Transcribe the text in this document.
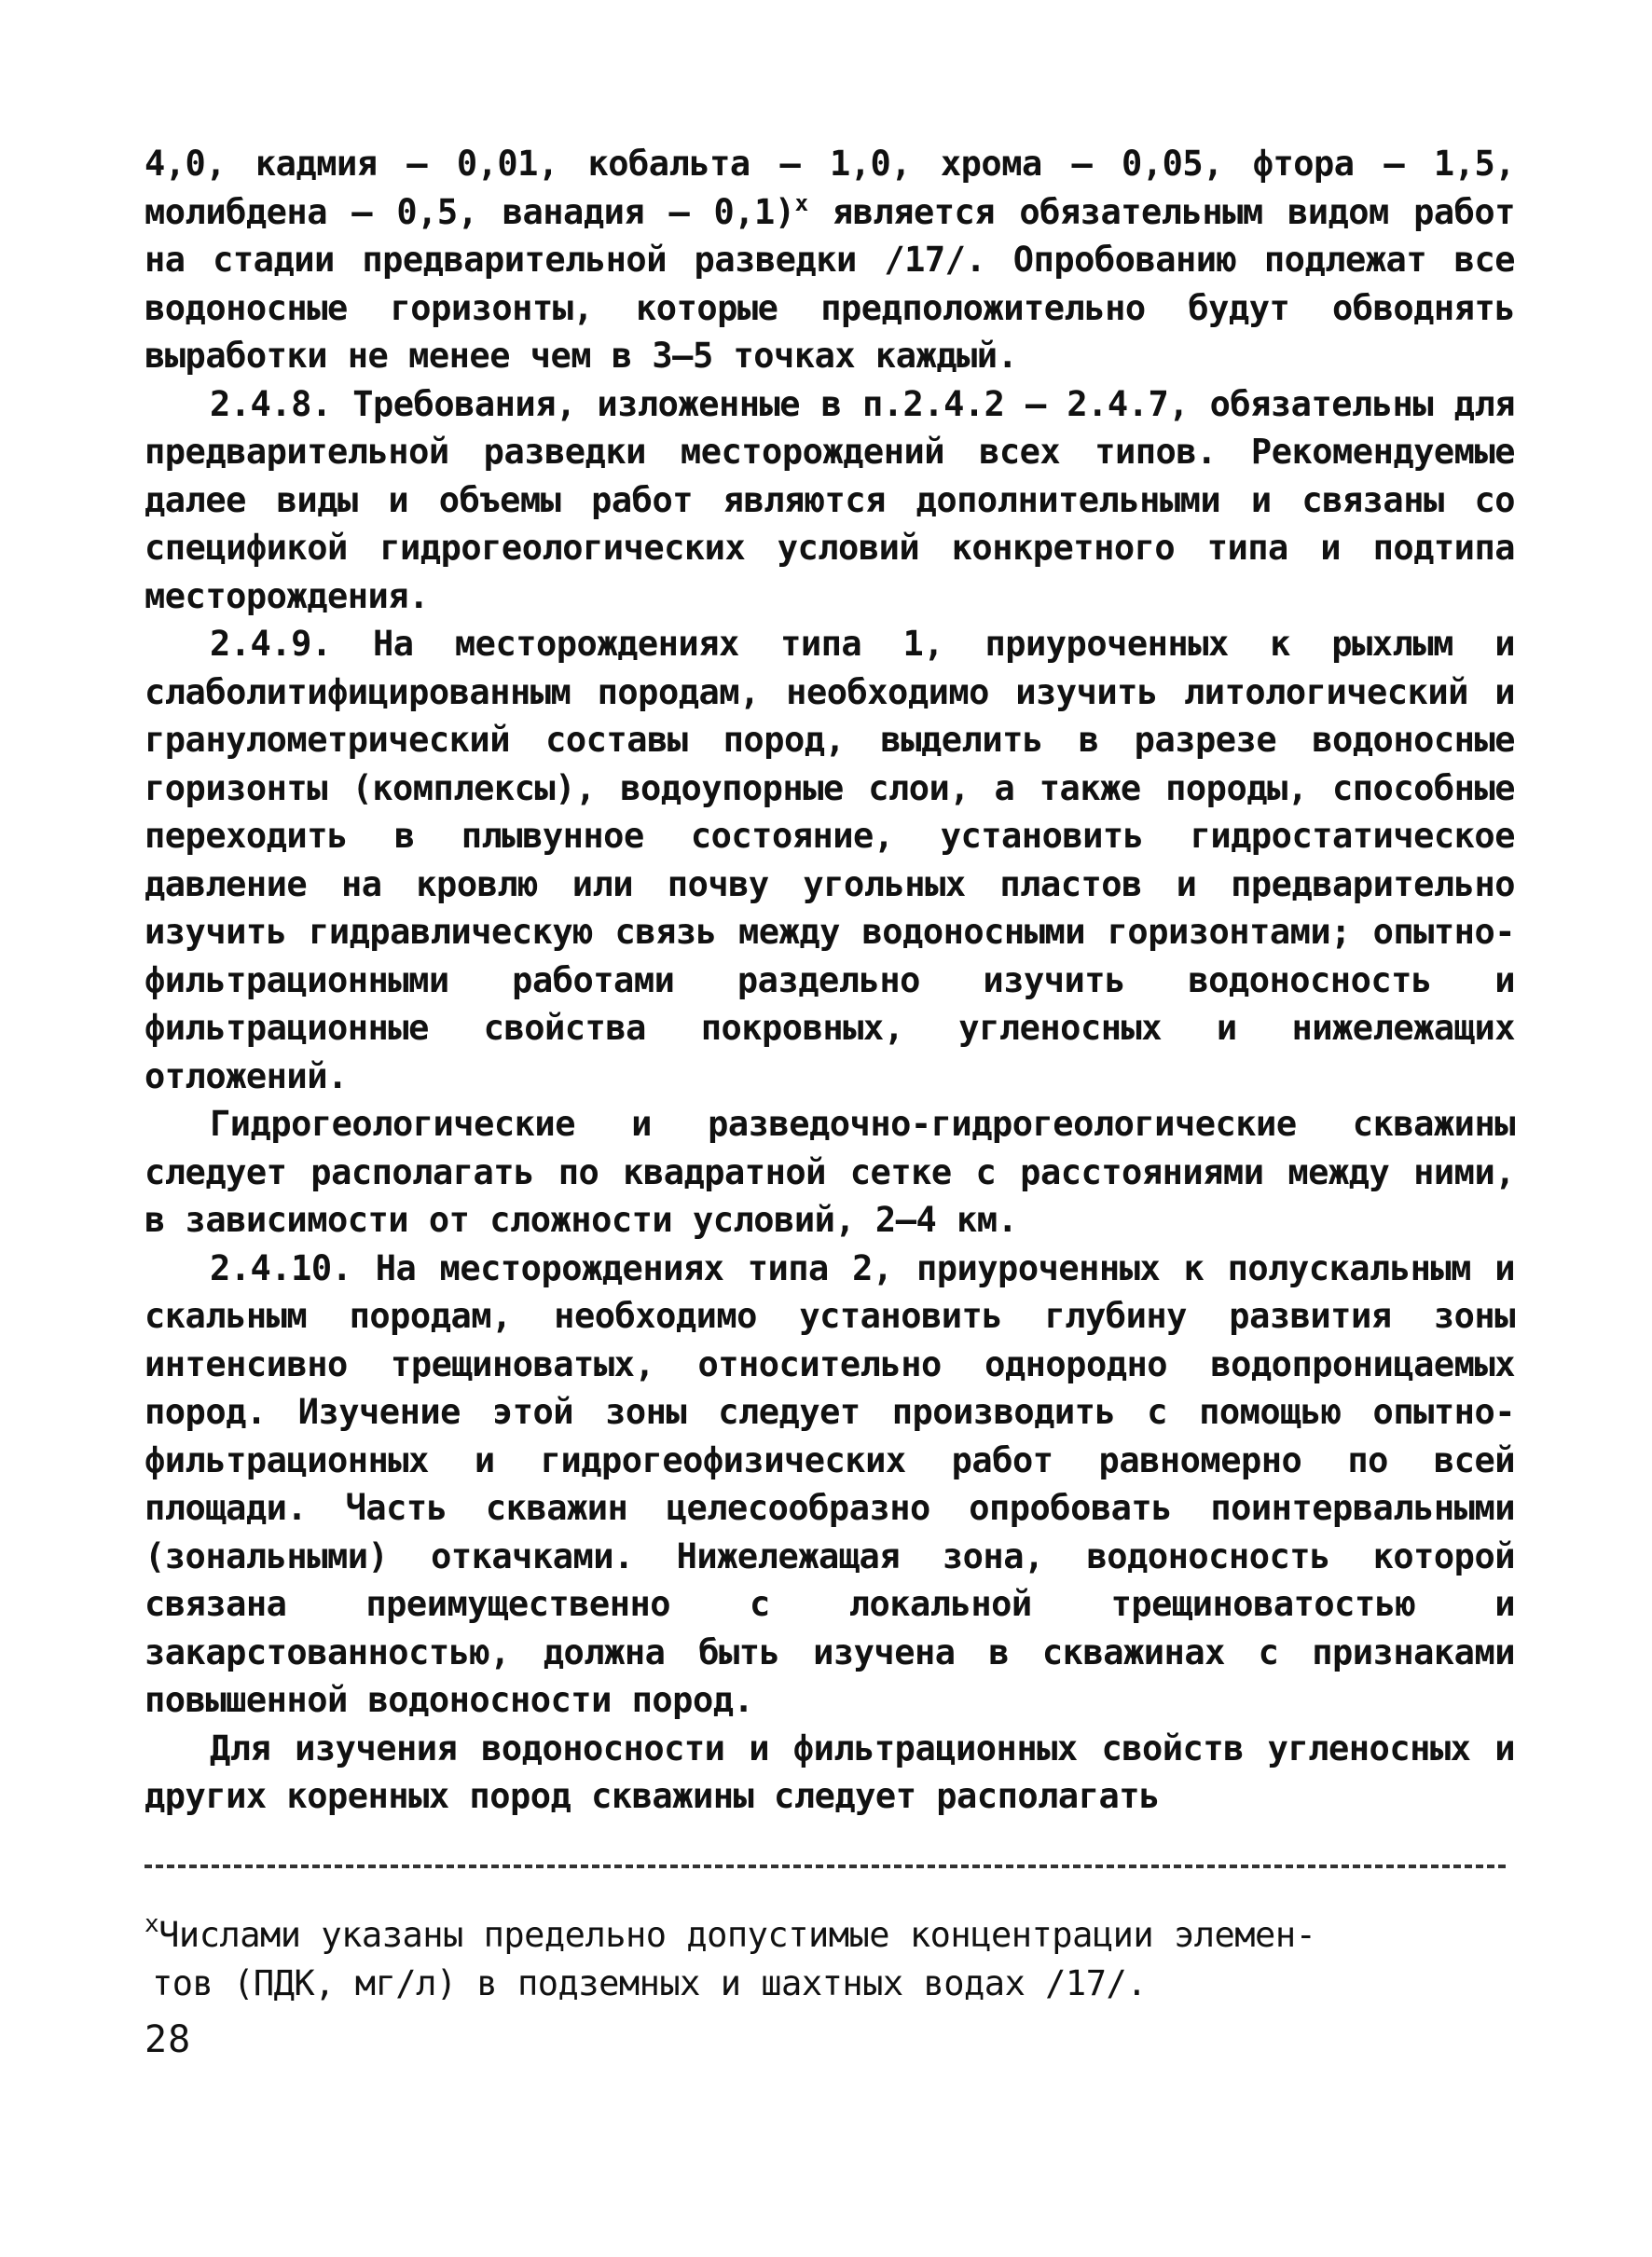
4,0, кадмия – 0,01, кобальта – 1,0, хрома – 0,05, фтора – 1,5, молибдена – 0,5, ванадия – 0,1)$^x$ является обязательным видом работ на стадии предварительной разведки /17/. Опробованию подлежат все водоносные горизонты, которые предположительно будут обводнять выработки не менее чем в 3–5 точках каждый.

2.4.8. Требования, изложенные в п.2.4.2 – 2.4.7, обязательны для предварительной разведки месторождений всех типов. Рекомендуемые далее виды и объемы работ являются дополнительными и связаны со спецификой гидрогеологических условий конкретного типа и подтипа месторождения.

2.4.9. На месторождениях типа 1, приуроченных к рыхлым и слаболитифицированным породам, необходимо изучить литологический и гранулометрический составы пород, выделить в разрезе водоносные горизонты (комплексы), водоупорные слои, а также породы, способные переходить в плывунное состояние, установить гидростатическое давление на кровлю или почву угольных пластов и предварительно изучить гидравлическую связь между водоносными горизонтами; опытно-фильтрационными работами раздельно изучить водоносность и фильтрационные свойства покровных, угленосных и нижележащих отложений.

Гидрогеологические и разведочно-гидрогеологические скважины следует располагать по квадратной сетке с расстояниями между ними, в зависимости от сложности условий, 2–4 км.

2.4.10. На месторождениях типа 2, приуроченных к полускальным и скальным породам, необходимо установить глубину развития зоны интенсивно трещиноватых, относительно однородно водопроницаемых пород. Изучение этой зоны следует производить с помощью опытно-фильтрационных и гидрогеофизических работ равномерно по всей площади. Часть скважин целесообразно опробовать поинтервальными (зональными) откачками. Нижележащая зона, водоносность которой связана преимущественно с локальной трещиноватостью и закарстованностью, должна быть изучена в скважинах с признаками повышенной водоносности пород.

Для изучения водоносности и фильтрационных свойств угленосных и других коренных пород скважины следует располагать

$^x$Числами указаны предельно допустимые концентрации элемен-
тов (ПДК, мг/л) в подземных и шахтных водах /17/.
28
